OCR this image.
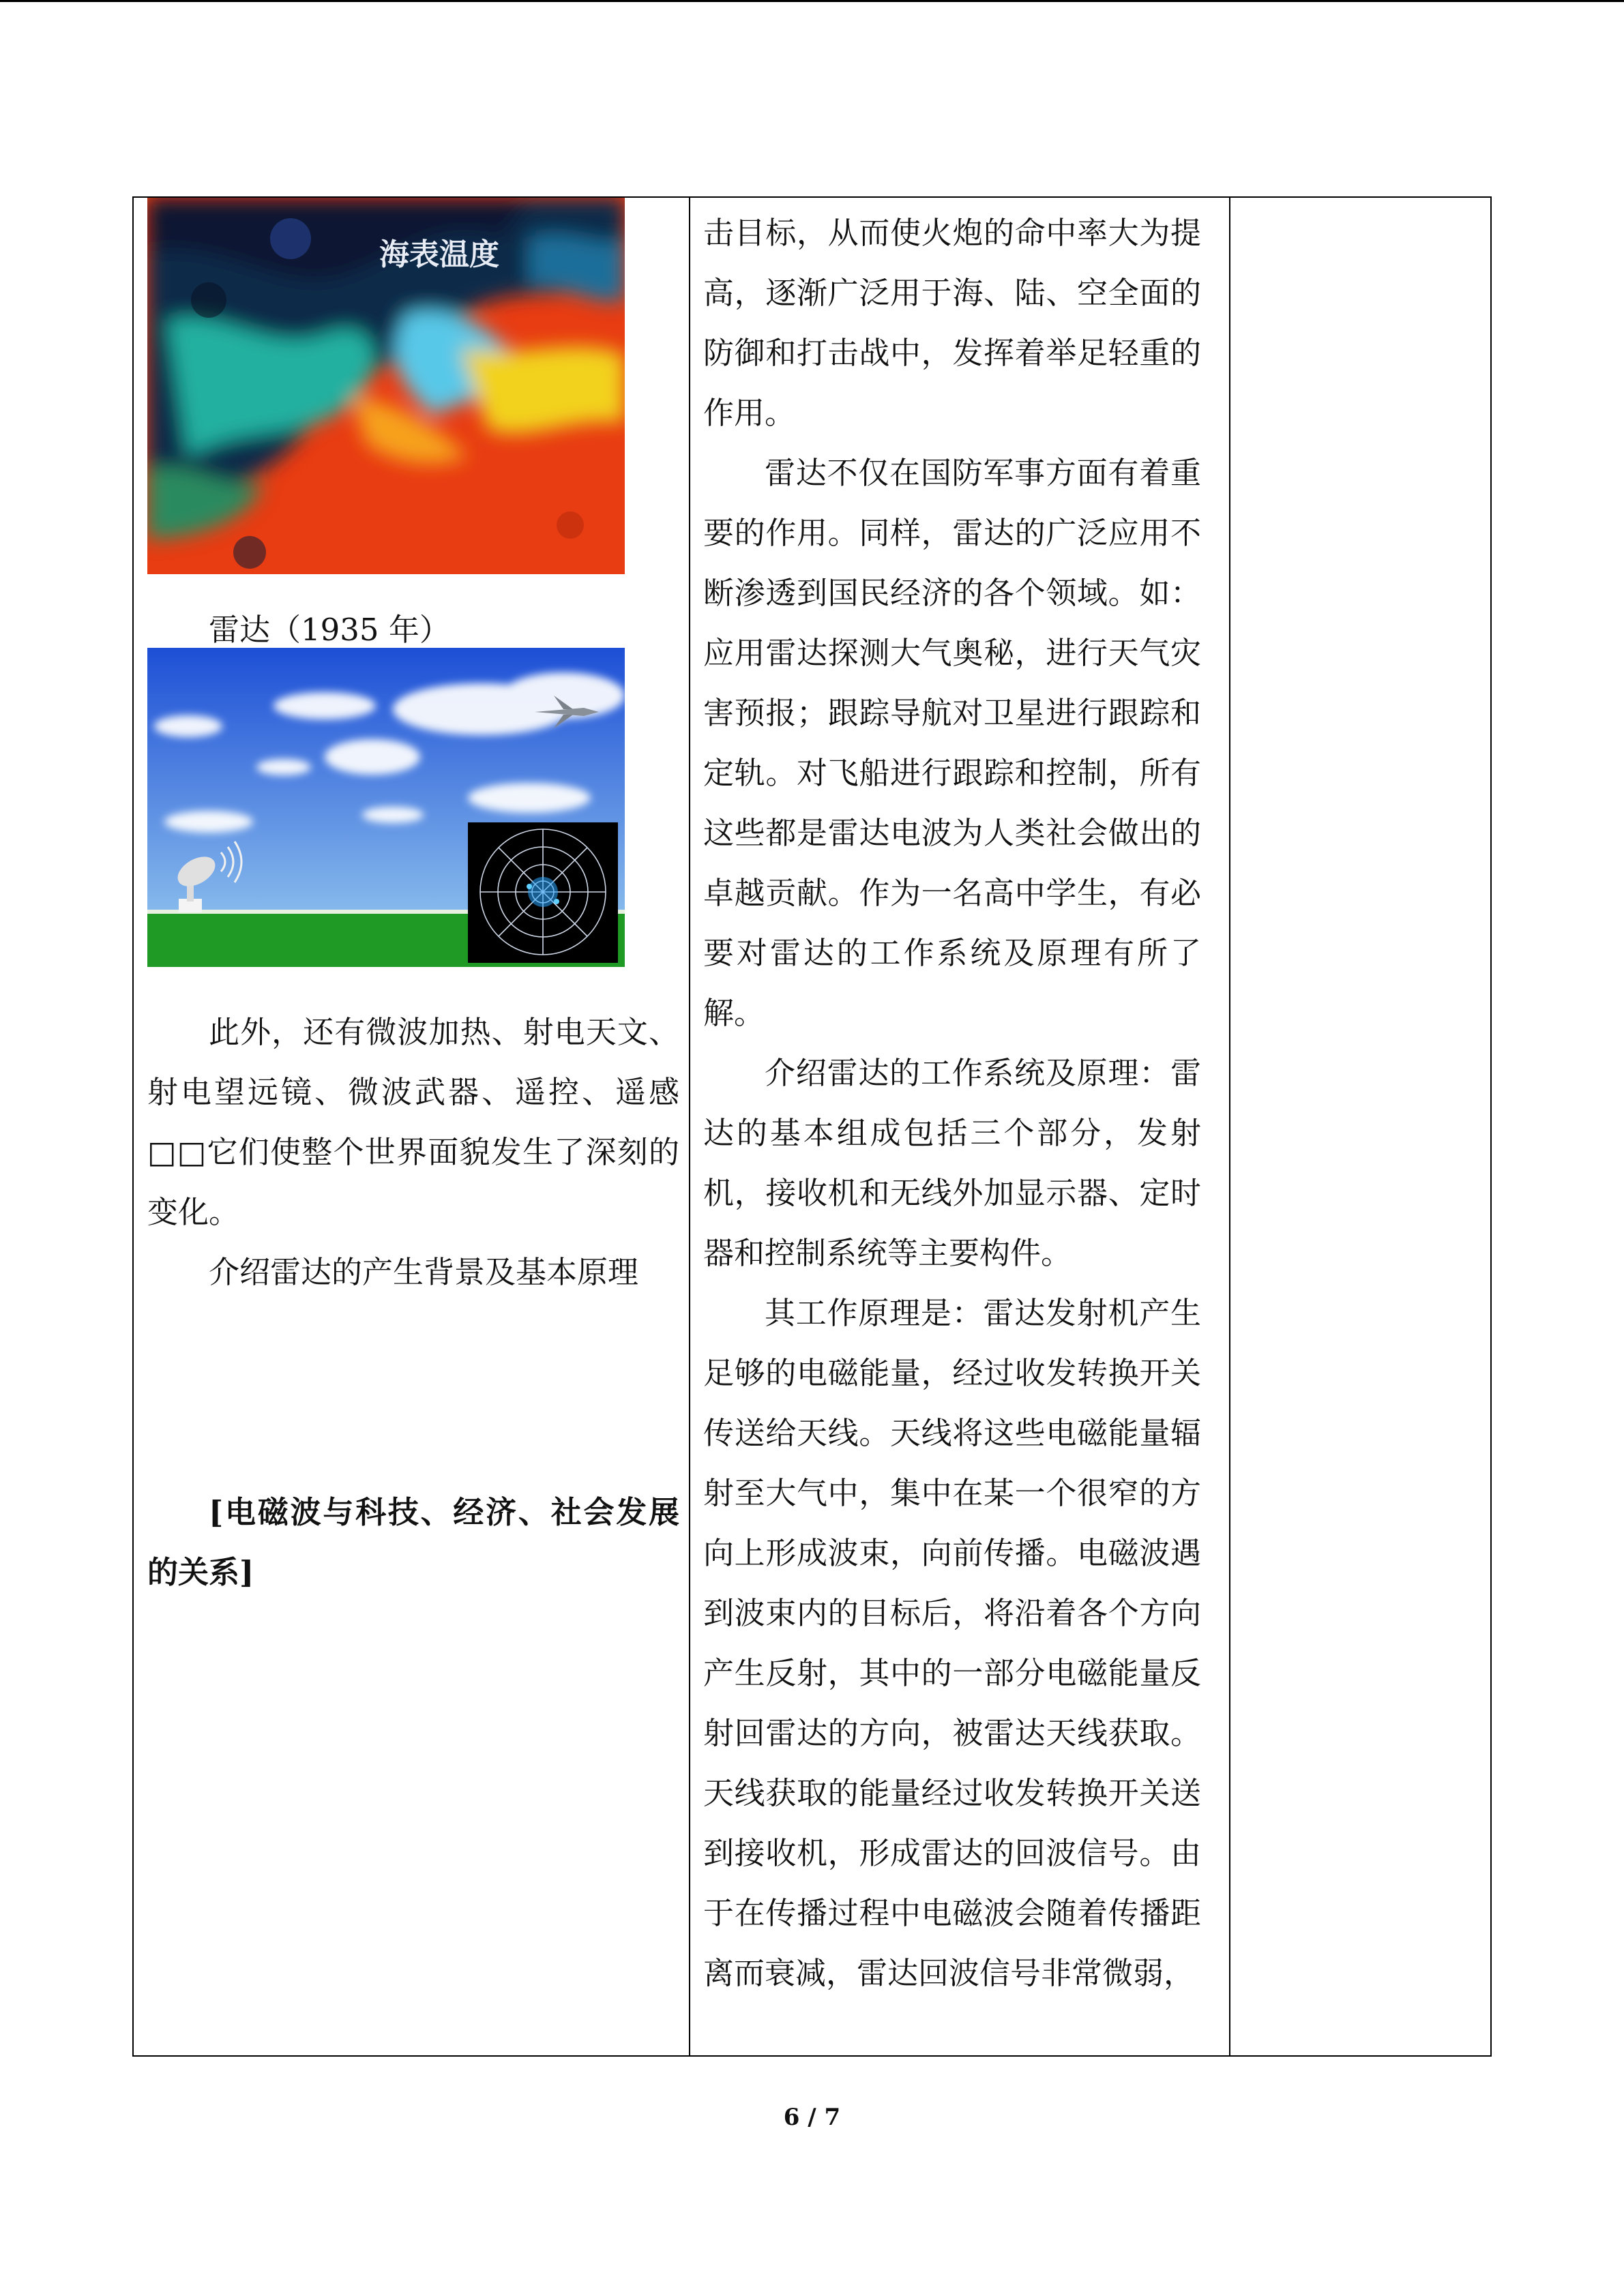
海表温度

雷达（1935 年）

此外，还有微波加热、射电天文、射电望远镜、微波武器、遥控、遥感□□它们使整个世界面貌发生了深刻的变化。

介绍雷达的产生背景及基本原理

[电磁波与科技、经济、社会发展的关系]

击目标，从而使火炮的命中率大为提高，逐渐广泛用于海、陆、空全面的防御和打击战中，发挥着举足轻重的作用。

雷达不仅在国防军事方面有着重要的作用。同样，雷达的广泛应用不断渗透到国民经济的各个领域。如：应用雷达探测大气奥秘，进行天气灾害预报；跟踪导航对卫星进行跟踪和定轨。对飞船进行跟踪和控制，所有这些都是雷达电波为人类社会做出的卓越贡献。作为一名高中学生，有必要对雷达的工作系统及原理有所了解。

介绍雷达的工作系统及原理：雷达的基本组成包括三个部分，发射机，接收机和无线外加显示器、定时器和控制系统等主要构件。

其工作原理是：雷达发射机产生足够的电磁能量，经过收发转换开关传送给天线。天线将这些电磁能量辐射至大气中，集中在某一个很窄的方向上形成波束，向前传播。电磁波遇到波束内的目标后，将沿着各个方向产生反射，其中的一部分电磁能量反射回雷达的方向，被雷达天线获取。天线获取的能量经过收发转换开关送到接收机，形成雷达的回波信号。由于在传播过程中电磁波会随着传播距离而衰减，雷达回波信号非常微弱，

6 / 7
